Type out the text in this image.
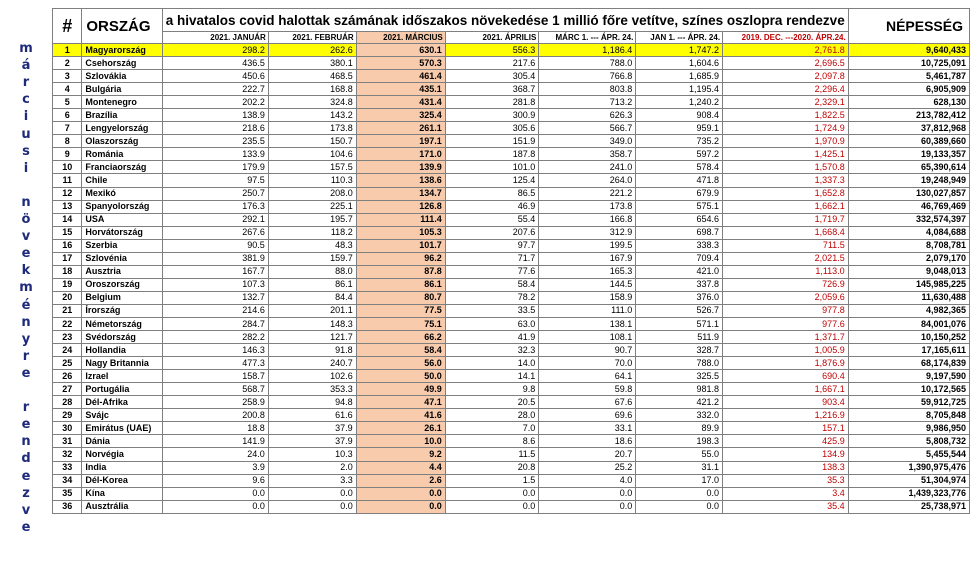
m
á
r
c
i
u
s
i
n
ö
v
e
k
m
é
n
y
r
e
r
e
n
d
e
z
v
e
#	ORSZÁG	a hivatalos covid halottak számának időszakos növekedése 1 millió főre vetítve, színes oszlopra rendezve							NÉPESSÉG
		2021. JANUÁR	2021. FEBRUÁR	2021. MÁRCIUS	2021. ÁPRILIS	MÁRC 1. --- ÁPR. 24.	JAN 1. --- ÁPR. 24.	2019. DEC. ---2020. ÁPR.24.	
1	Magyarország	298.2	262.6	630.1	556.3	1,186.4	1,747.2	2,761.8	9,640,433
2	Csehország	436.5	380.1	570.3	217.6	788.0	1,604.6	2,696.5	10,725,091
3	Szlovákia	450.6	468.5	461.4	305.4	766.8	1,685.9	2,097.8	5,461,787
4	Bulgária	222.7	168.8	435.1	368.7	803.8	1,195.4	2,296.4	6,905,909
5	Montenegro	202.2	324.8	431.4	281.8	713.2	1,240.2	2,329.1	628,130
6	Brazília	138.9	143.2	325.4	300.9	626.3	908.4	1,822.5	213,782,412
7	Lengyelország	218.6	173.8	261.1	305.6	566.7	959.1	1,724.9	37,812,968
8	Olaszország	235.5	150.7	197.1	151.9	349.0	735.2	1,970.9	60,389,660
9	Románia	133.9	104.6	171.0	187.8	358.7	597.2	1,425.1	19,133,357
10	Franciaország	179.9	157.5	139.9	101.0	241.0	578.4	1,570.8	65,390,614
11	Chile	97.5	110.3	138.6	125.4	264.0	471.8	1,337.3	19,248,949
12	Mexikó	250.7	208.0	134.7	86.5	221.2	679.9	1,652.8	130,027,857
13	Spanyolország	176.3	225.1	126.8	46.9	173.8	575.1	1,662.1	46,769,469
14	USA	292.1	195.7	111.4	55.4	166.8	654.6	1,719.7	332,574,397
15	Horvátország	267.6	118.2	105.3	207.6	312.9	698.7	1,668.4	4,084,688
16	Szerbia	90.5	48.3	101.7	97.7	199.5	338.3	711.5	8,708,781
17	Szlovénia	381.9	159.7	96.2	71.7	167.9	709.4	2,021.5	2,079,170
18	Ausztria	167.7	88.0	87.8	77.6	165.3	421.0	1,113.0	9,048,013
19	Oroszország	107.3	86.1	86.1	58.4	144.5	337.8	726.9	145,985,225
20	Belgium	132.7	84.4	80.7	78.2	158.9	376.0	2,059.6	11,630,488
21	Írország	214.6	201.1	77.5	33.5	111.0	526.7	977.8	4,982,365
22	Németország	284.7	148.3	75.1	63.0	138.1	571.1	977.6	84,001,076
23	Svédország	282.2	121.7	66.2	41.9	108.1	511.9	1,371.7	10,150,252
24	Hollandia	146.3	91.8	58.4	32.3	90.7	328.7	1,005.9	17,165,611
25	Nagy Britannia	477.3	240.7	56.0	14.0	70.0	788.0	1,876.9	68,174,839
26	Izrael	158.7	102.6	50.0	14.1	64.1	325.5	690.4	9,197,590
27	Portugália	568.7	353.3	49.9	9.8	59.8	981.8	1,667.1	10,172,565
28	Dél-Afrika	258.9	94.8	47.1	20.5	67.6	421.2	903.4	59,912,725
29	Svájc	200.8	61.6	41.6	28.0	69.6	332.0	1,216.9	8,705,848
30	Emirátus (UAE)	18.8	37.9	26.1	7.0	33.1	89.9	157.1	9,986,950
31	Dánia	141.9	37.9	10.0	8.6	18.6	198.3	425.9	5,808,732
32	Norvégia	24.0	10.3	9.2	11.5	20.7	55.0	134.9	5,455,544
33	India	3.9	2.0	4.4	20.8	25.2	31.1	138.3	1,390,975,476
34	Dél-Korea	9.6	3.3	2.6	1.5	4.0	17.0	35.3	51,304,974
35	Kína	0.0	0.0	0.0	0.0	0.0	0.0	3.4	1,439,323,776
36	Ausztrália	0.0	0.0	0.0	0.0	0.0	0.0	35.4	25,738,971
